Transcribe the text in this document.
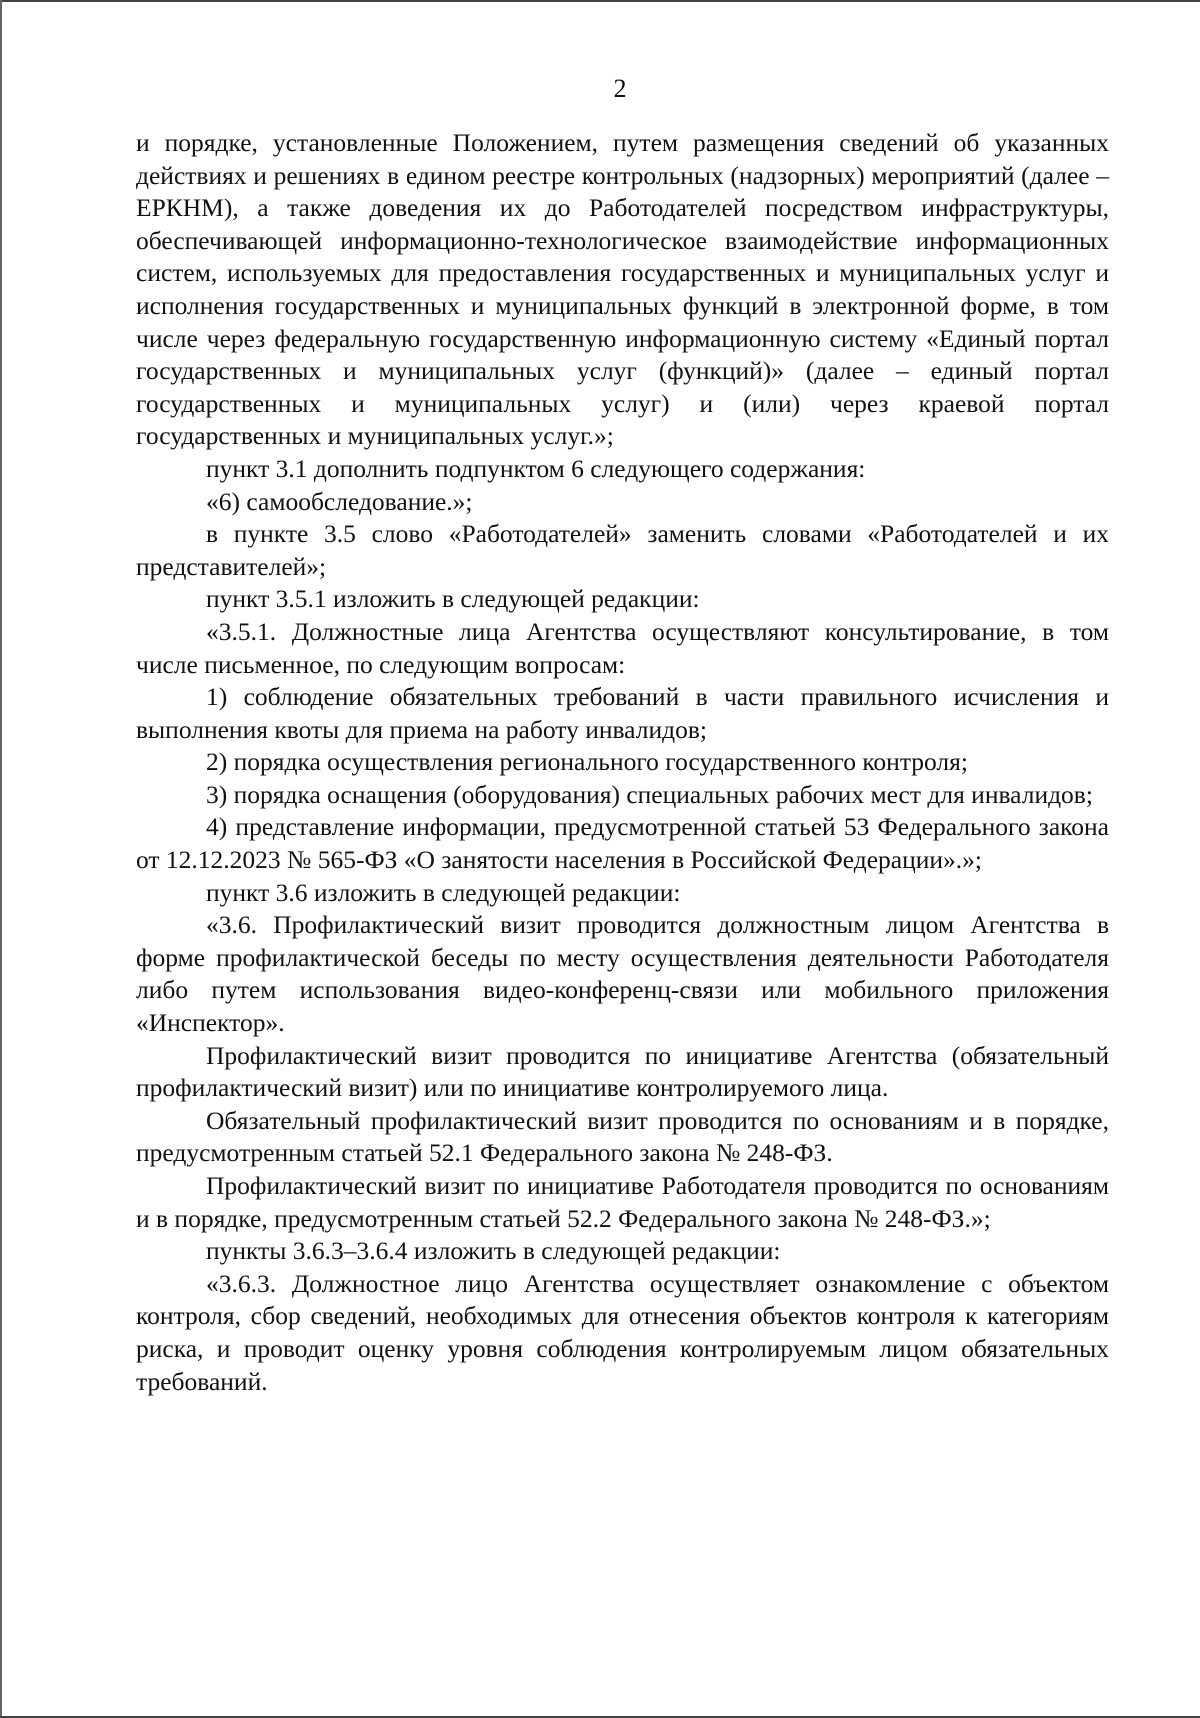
2

и порядке, установленные Положением, путем размещения сведений об указанных действиях и решениях в едином реестре контрольных (надзорных) мероприятий (далее – ЕРКНМ), а также доведения их до Работодателей посредством инфраструктуры, обеспечивающей информационно-технологическое взаимодействие информационных систем, используемых для предоставления государственных и муниципальных услуг и исполнения государственных и муниципальных функций в электронной форме, в том числе через федеральную государственную информационную систему «Единый портал государственных и муниципальных услуг (функций)» (далее – единый портал государственных и муниципальных услуг) и (или) через краевой портал государственных и муниципальных услуг.»;

пункт 3.1 дополнить подпунктом 6 следующего содержания:

«6) самообследование.»;

в пункте 3.5 слово «Работодателей» заменить словами «Работодателей и их представителей»;

пункт 3.5.1 изложить в следующей редакции:

«3.5.1. Должностные лица Агентства осуществляют консультирование, в том числе письменное, по следующим вопросам:

1) соблюдение обязательных требований в части правильного исчисления и выполнения квоты для приема на работу инвалидов;

2) порядка осуществления регионального государственного контроля;

3) порядка оснащения (оборудования) специальных рабочих мест для инвалидов;

4) представление информации, предусмотренной статьей 53 Федерального закона от 12.12.2023 № 565-ФЗ «О занятости населения в Российской Федерации».»;

пункт 3.6 изложить в следующей редакции:

«3.6. Профилактический визит проводится должностным лицом Агентства в форме профилактической беседы по месту осуществления деятельности Работодателя либо путем использования видео-конференц-связи или мобильного приложения «Инспектор».

Профилактический визит проводится по инициативе Агентства (обязательный профилактический визит) или по инициативе контролируемого лица.

Обязательный профилактический визит проводится по основаниям и в порядке, предусмотренным статьей 52.1 Федерального закона № 248-ФЗ.

Профилактический визит по инициативе Работодателя проводится по основаниям и в порядке, предусмотренным статьей 52.2 Федерального закона № 248-ФЗ.»;

пункты 3.6.3–3.6.4 изложить в следующей редакции:

«3.6.3. Должностное лицо Агентства осуществляет ознакомление с объектом контроля, сбор сведений, необходимых для отнесения объектов контроля к категориям риска, и проводит оценку уровня соблюдения контролируемым лицом обязательных требований.
